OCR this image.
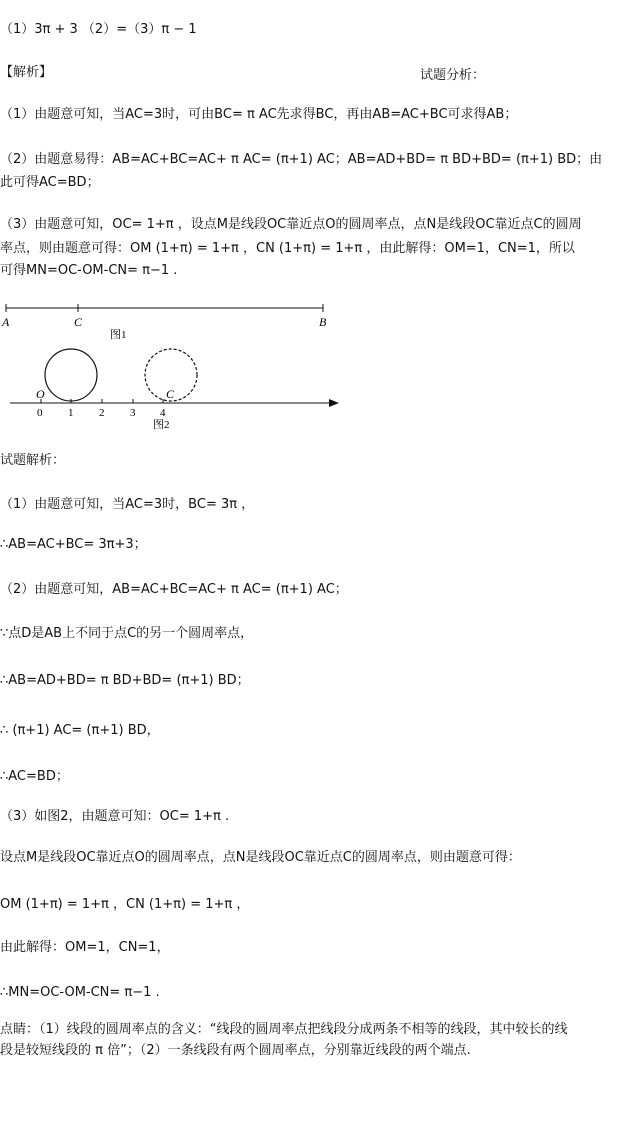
（1）3π + 3 （2）=（3）π − 1
【解析】	试题分析：
（1）由题意可知，当AC=3时，可由BC= π AC先求得BC，再由AB=AC+BC可求得AB；
（2）由题意易得：AB=AC+BC=AC+ π AC= (π+1) AC；AB=AD+BD= π BD+BD= (π+1) BD；由
此可得AC=BD；
（3）由题意可知，OC= 1+π ，设点M是线段OC靠近点O的圆周率点，点N是线段OC靠近点C的圆周
率点，则由题意可得：OM (1+π) = 1+π ，CN (1+π) = 1+π ，由此解得：OM=1，CN=1，所以
可得MN=OC-OM-CN= π−1 .
A	C	B
图1
O	C
0 1 2 3 4
图2
试题解析：
（1）由题意可知，当AC=3时，BC= 3π ，
∴AB=AC+BC= 3π+3；
（2）由题意可知，AB=AC+BC=AC+ π AC= (π+1) AC；
∵点D是AB上不同于点C的另一个圆周率点，
∴AB=AD+BD= π BD+BD= (π+1) BD；
∴ (π+1) AC= (π+1) BD，
∴AC=BD；
（3）如图2，由题意可知：OC= 1+π .
设点M是线段OC靠近点O的圆周率点，点N是线段OC靠近点C的圆周率点，则由题意可得：
OM (1+π) = 1+π ，CN (1+π) = 1+π ，
由此解得：OM=1，CN=1，
∴MN=OC-OM-CN= π−1 .
点睛：（1）线段的圆周率点的含义：“线段的圆周率点把线段分成两条不相等的线段，其中较长的线
段是较短线段的 π 倍”；（2）一条线段有两个圆周率点，分别靠近线段的两个端点.
